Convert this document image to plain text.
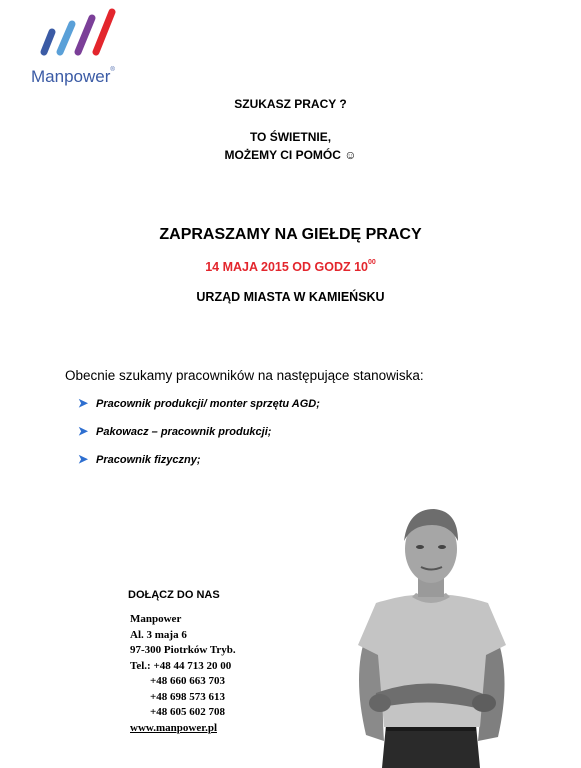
Manpower®
SZUKASZ PRACY ?
TO ŚWIETNIE,
MOŻEMY CI POMÓC ☺
ZAPRASZAMY NA GIEŁDĘ PRACY
14 MAJA 2015 OD GODZ $10^{00}$
URZĄD MIASTA W KAMIEŃSKU
Obecnie szukamy pracowników na następujące stanowiska:
➤ Pracownik produkcji/ monter sprzętu AGD;
➤ Pakowacz – pracownik produkcji;
➤ Pracownik fizyczny;
DOŁĄCZ DO NAS
Manpower
Al. 3 maja 6
97-300 Piotrków Tryb.
Tel.: +48 44 713 20 00
+48 660 663 703
+48 698 573 613
+48 605 602 708
www.manpower.pl
